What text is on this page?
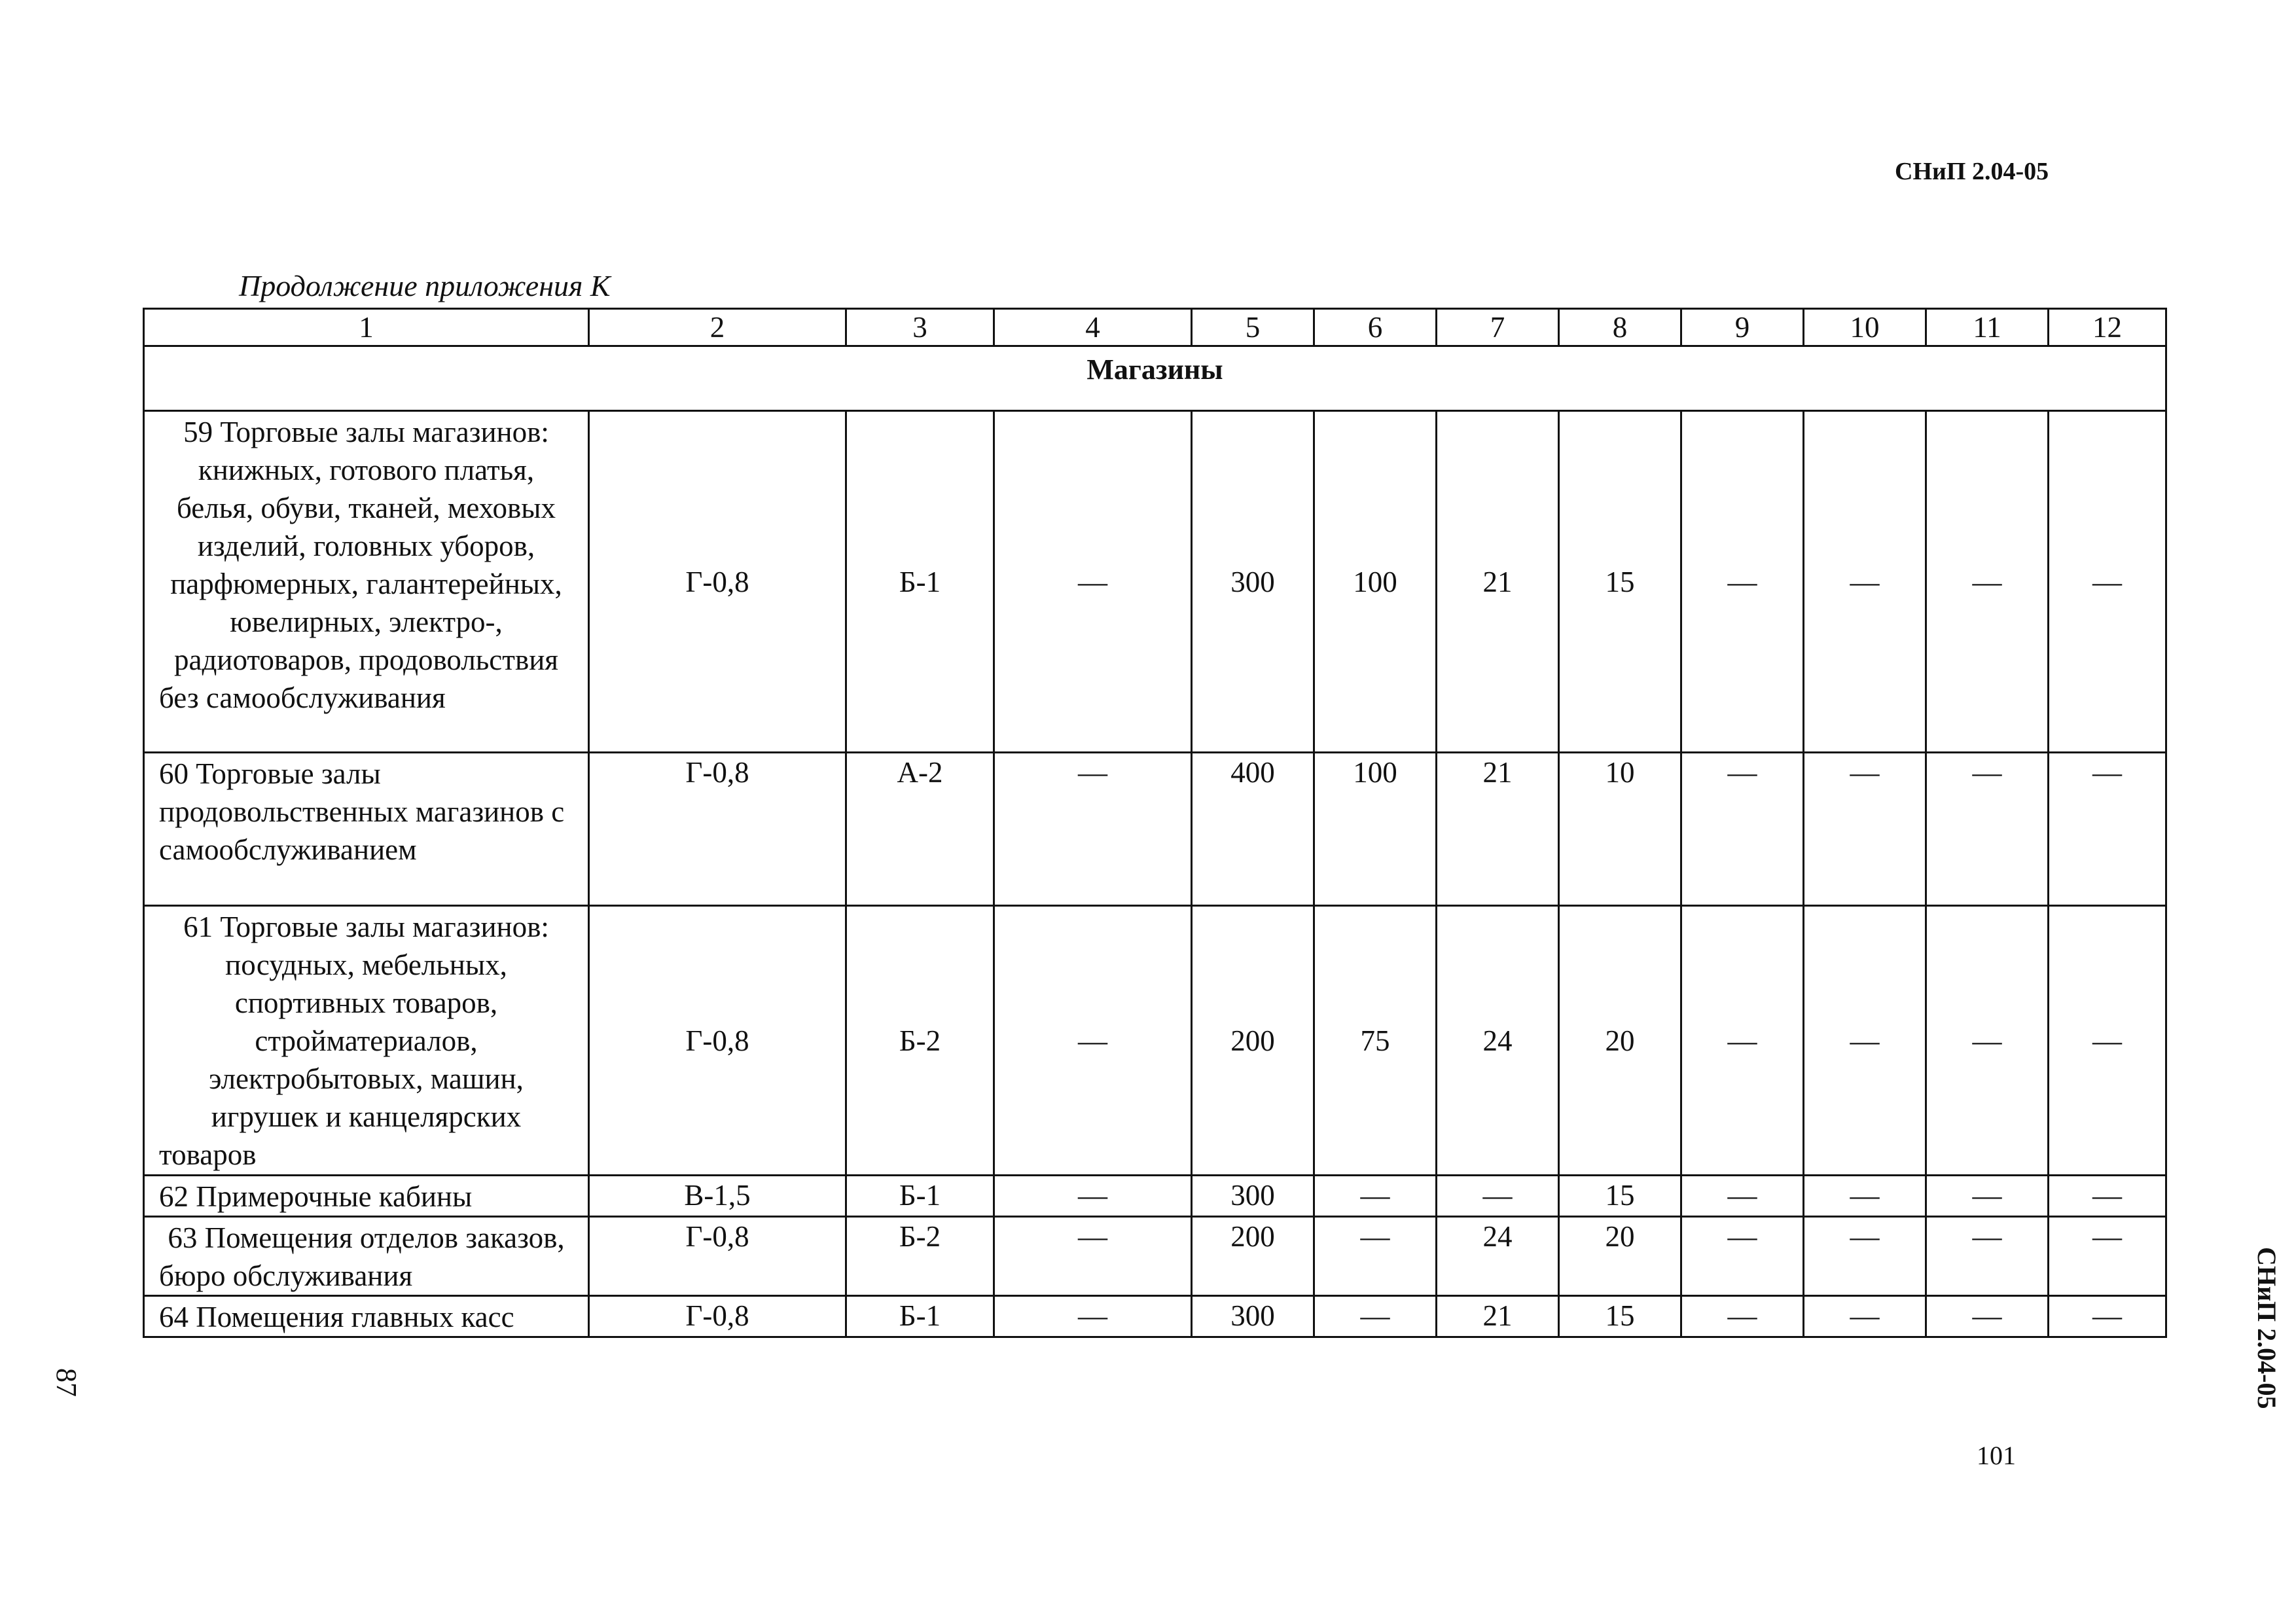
СНиП 2.04-05
Продолжение приложения К
1	2	3	4	5	6	7	8	9	10	11	12
Магазины											
59 Торговые залы магазинов: книжных, готового платья, белья, обуви, тканей, меховых изделий, головных уборов, парфюмерных, галантерейных, ювелирных, электро-, радиотоваров, продовольствия без самообслуживания	Г-0,8	Б-1	—	300	100	21	15	—	—	—	—
60 Торговые залы продовольственных магазинов с самообслуживанием	Г-0,8	А-2	—	400	100	21	10	—	—	—	—
61 Торговые залы магазинов: посудных, мебельных, спортивных товаров, стройматериалов, электробытовых, машин, игрушек и канцелярских товаров	Г-0,8	Б-2	—	200	75	24	20	—	—	—	—
62 Примерочные кабины	В-1,5	Б-1	—	300	—	—	15	—	—	—	—
63 Помещения отделов заказов, бюро обслуживания	Г-0,8	Б-2	—	200	—	24	20	—	—	—	—
64 Помещения главных касс	Г-0,8	Б-1	—	300	—	21	15	—	—	—	—	СНиП 2.04-05
87
101
